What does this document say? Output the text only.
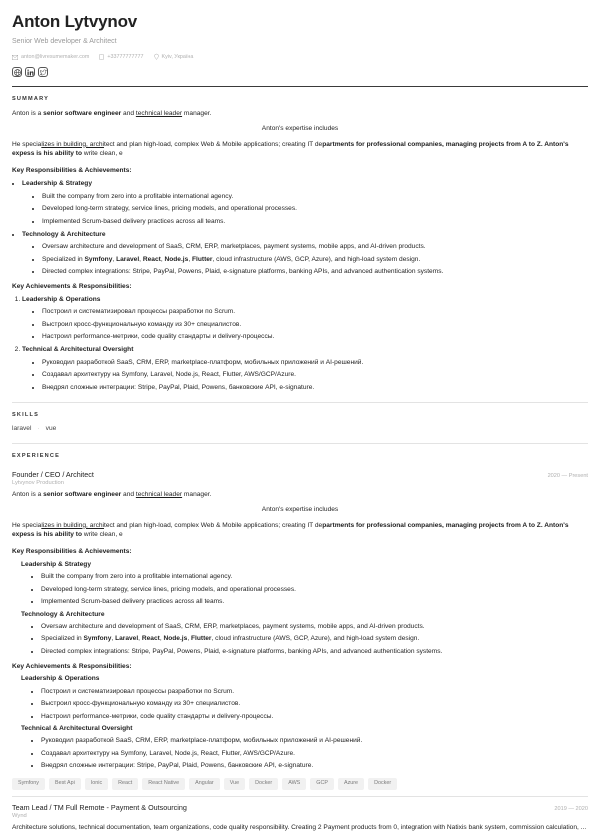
Anton Lytvynov
Senior Web developer & Architect
anton@livresumemaker.com	+33777777777	Kyiv, Україна
SUMMARY
Anton is a senior software engineer and technical leader manager.
Anton's expertise includes
He specializes in building, architect and plan high-load, complex Web & Mobile applications; creating IT departments for professional companies, managing projects from A to Z. Anton's expess is his ability to write clean, e
Key Responsibilities & Achievements:
• Leadership & Strategy
• Built the company from zero into a profitable international agency.
• Developed long-term strategy, service lines, pricing models, and operational processes.
• Implemented Scrum-based delivery practices across all teams.
• Technology & Architecture
• Oversaw architecture and development of SaaS, CRM, ERP, marketplaces, payment systems, mobile apps, and AI-driven products.
• Specialized in Symfony, Laravel, React, Node.js, Flutter, cloud infrastructure (AWS, GCP, Azure), and high-load system design.
• Directed complex integrations: Stripe, PayPal, Powens, Plaid, e-signature platforms, banking APIs, and advanced authentication systems.
Key Achievements & Responsibilities:
1. Leadership & Operations
• Построил и систематизировал процессы разработки по Scrum.
• Выстроил кросс-функциональную команду из 30+ специалистов.
• Настроил performance-метрики, code quality стандарты и delivery-процессы.
2. Technical & Architectural Oversight
• Руководил разработкой SaaS, CRM, ERP, marketplace-платформ, мобильных приложений и AI-решений.
• Создавал архитектуру на Symfony, Laravel, Node.js, React, Flutter, AWS/GCP/Azure.
• Внедрял сложные интеграции: Stripe, PayPal, Plaid, Powens, банковские API, e-signature.
SKILLS
laravel · vue
EXPERIENCE
Founder / CEO / Architect	2020 — Present
Lytvynov Production
Anton is a senior software engineer and technical leader manager.
Anton's expertise includes
He specializes in building, architect and plan high-load, complex Web & Mobile applications; creating IT departments for professional companies, managing projects from A to Z. Anton's expess is his ability to write clean, e
Key Responsibilities & Achievements:
Leadership & Strategy
• Built the company from zero into a profitable international agency.
• Developed long-term strategy, service lines, pricing models, and operational processes.
• Implemented Scrum-based delivery practices across all teams.
Technology & Architecture
• Oversaw architecture and development of SaaS, CRM, ERP, marketplaces, payment systems, mobile apps, and AI-driven products.
• Specialized in Symfony, Laravel, React, Node.js, Flutter, cloud infrastructure (AWS, GCP, Azure), and high-load system design.
• Directed complex integrations: Stripe, PayPal, Powens, Plaid, e-signature platforms, banking APIs, and advanced authentication systems.
Key Achievements & Responsibilities:
Leadership & Operations
• Построил и систематизировал процессы разработки по Scrum.
• Выстроил кросс-функциональную команду из 30+ специалистов.
• Настроил performance-метрики, code quality стандарты и delivery-процессы.
Technical & Architectural Oversight
• Руководил разработкой SaaS, CRM, ERP, marketplace-платформ, мобильных приложений и AI-решений.
• Создавал архитектуру на Symfony, Laravel, Node.js, React, Flutter, AWS/GCP/Azure.
• Внедрял сложные интеграции: Stripe, PayPal, Plaid, Powens, банковские API, e-signature.
Symfony	Best Api	Ionic	React	React Native	Angular	Vue	Docker	AWS	GCP	Azure	Docker
Team Lead / TM Full Remote - Payment & Outsourcing	2019 — 2020
Wynd
Architecture solutions, technical documentation, team organizations, code quality responsibility. Creating 2 Payment products from 0, integration with Natixis bank system, commission calculation, ...
